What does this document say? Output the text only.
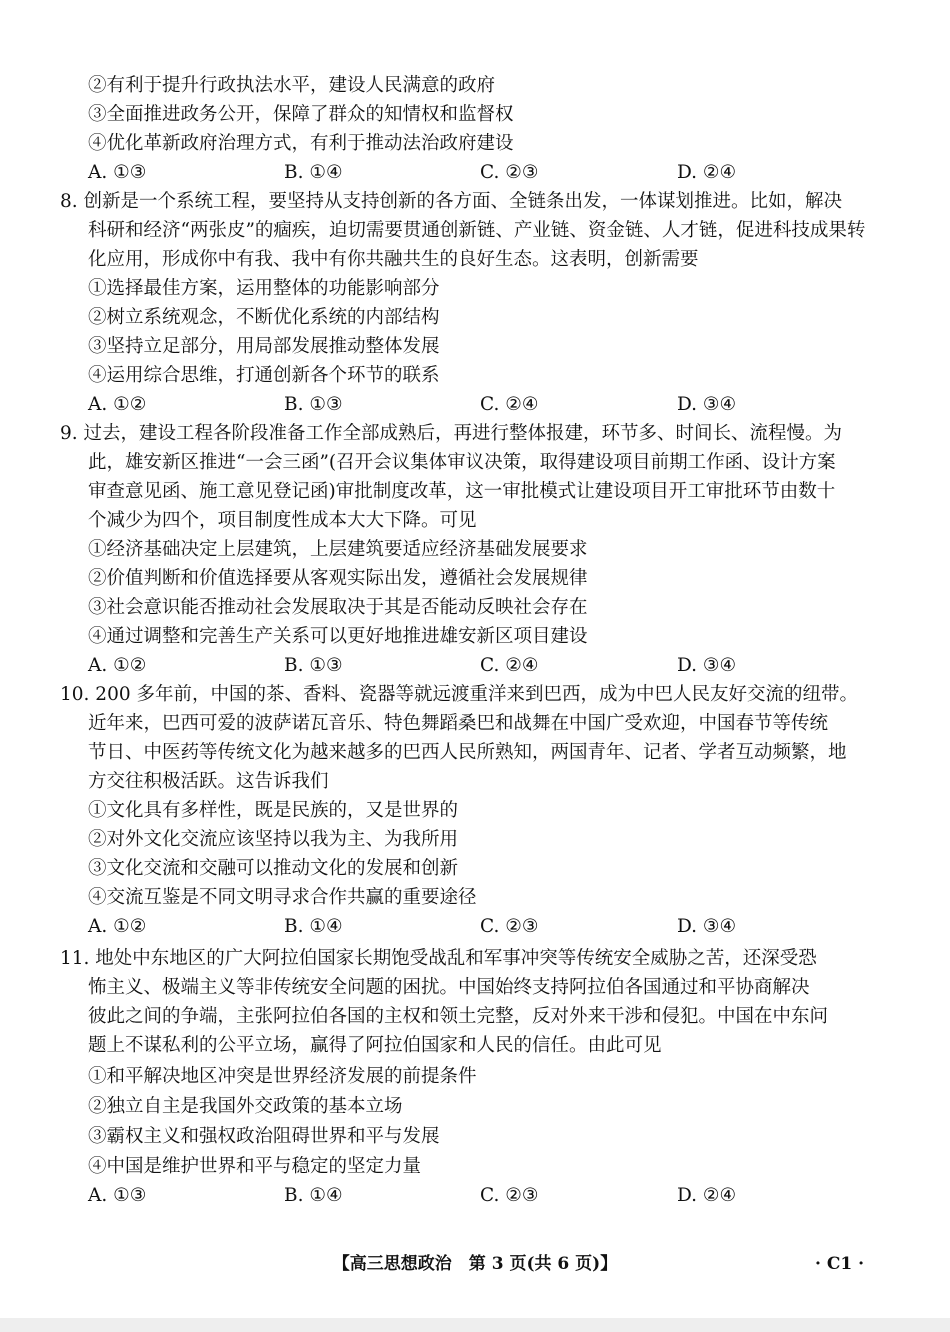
②有利于提升行政执法水平，建设人民满意的政府
③全面推进政务公开，保障了群众的知情权和监督权
④优化革新政府治理方式，有利于推动法治政府建设
A. ①③	B. ①④	C. ②③	D. ②④
8. 创新是一个系统工程，要坚持从支持创新的各方面、全链条出发，一体谋划推进。比如，解决
科研和经济“两张皮”的痼疾，迫切需要贯通创新链、产业链、资金链、人才链，促进科技成果转
化应用，形成你中有我、我中有你共融共生的良好生态。这表明，创新需要
①选择最佳方案，运用整体的功能影响部分
②树立系统观念，不断优化系统的内部结构
③坚持立足部分，用局部发展推动整体发展
④运用综合思维，打通创新各个环节的联系
A. ①②	B. ①③	C. ②④	D. ③④
9. 过去，建设工程各阶段准备工作全部成熟后，再进行整体报建，环节多、时间长、流程慢。为
此，雄安新区推进“一会三函”(召开会议集体审议决策，取得建设项目前期工作函、设计方案
审查意见函、施工意见登记函)审批制度改革，这一审批模式让建设项目开工审批环节由数十
个减少为四个，项目制度性成本大大下降。可见
①经济基础决定上层建筑，上层建筑要适应经济基础发展要求
②价值判断和价值选择要从客观实际出发，遵循社会发展规律
③社会意识能否推动社会发展取决于其是否能动反映社会存在
④通过调整和完善生产关系可以更好地推进雄安新区项目建设
A. ①②	B. ①③	C. ②④	D. ③④
10. 200 多年前，中国的茶、香料、瓷器等就远渡重洋来到巴西，成为中巴人民友好交流的纽带。
近年来，巴西可爱的波萨诺瓦音乐、特色舞蹈桑巴和战舞在中国广受欢迎，中国春节等传统
节日、中医药等传统文化为越来越多的巴西人民所熟知，两国青年、记者、学者互动频繁，地
方交往积极活跃。这告诉我们
①文化具有多样性，既是民族的，又是世界的
②对外文化交流应该坚持以我为主、为我所用
③文化交流和交融可以推动文化的发展和创新
④交流互鉴是不同文明寻求合作共赢的重要途径
A. ①②	B. ①④	C. ②③	D. ③④
11. 地处中东地区的广大阿拉伯国家长期饱受战乱和军事冲突等传统安全威胁之苦，还深受恐
怖主义、极端主义等非传统安全问题的困扰。中国始终支持阿拉伯各国通过和平协商解决
彼此之间的争端，主张阿拉伯各国的主权和领土完整，反对外来干涉和侵犯。中国在中东问
题上不谋私利的公平立场，赢得了阿拉伯国家和人民的信任。由此可见
①和平解决地区冲突是世界经济发展的前提条件
②独立自主是我国外交政策的基本立场
③霸权主义和强权政治阻碍世界和平与发展
④中国是维护世界和平与稳定的坚定力量
A. ①③	B. ①④	C. ②③	D. ②④
【高三思想政治　第 3 页(共 6 页)】	· C1 ·
